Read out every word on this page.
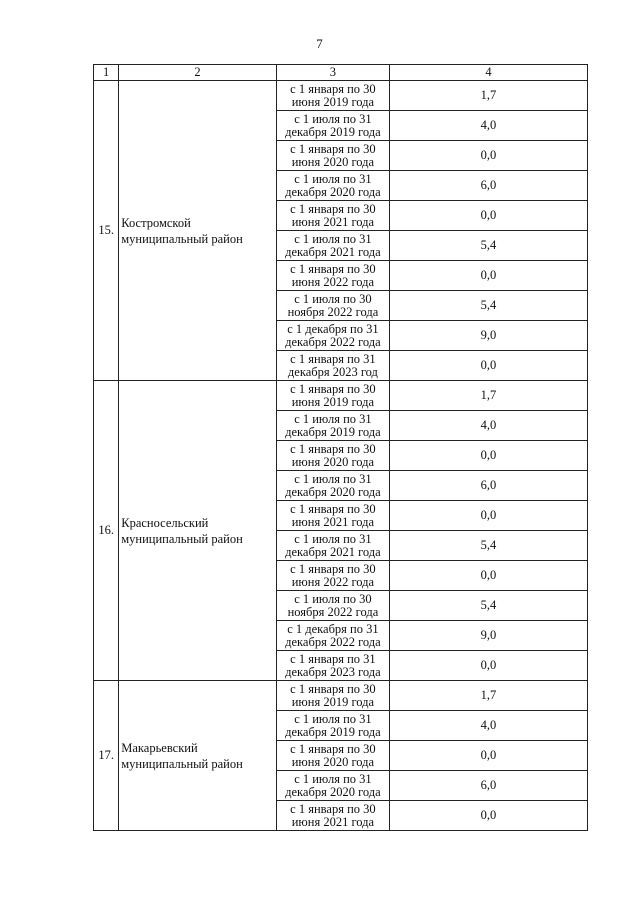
7
1	2	3	4
15.	Костромской
муниципальный район	с 1 января по 30
июня 2019 года	1,7

		с 1 июля по 31
декабря 2019 года	4,0

		с 1 января по 30
июня 2020 года	0,0

		с 1 июля по 31
декабря 2020 года	6,0

		с 1 января по 30
июня 2021 года	0,0

		с 1 июля по 31
декабря 2021 года	5,4

		с 1 января по 30
июня 2022 года	0,0

		с 1 июля по 30
ноября 2022 года	5,4

		с 1 декабря по 31
декабря 2022 года	9,0

		с 1 января по 31
декабря 2023 год	0,0
16.	Красносельский
муниципальный район	с 1 января по 30
июня 2019 года	1,7

		с 1 июля по 31
декабря 2019 года	4,0

		с 1 января по 30
июня 2020 года	0,0

		с 1 июля по 31
декабря 2020 года	6,0

		с 1 января по 30
июня 2021 года	0,0

		с 1 июля по 31
декабря 2021 года	5,4

		с 1 января по 30
июня 2022 года	0,0

		с 1 июля по 30
ноября 2022 года	5,4

		с 1 декабря по 31
декабря 2022 года	9,0

		с 1 января по 31
декабря 2023 года	0,0
17.	Макарьевский
муниципальный район	с 1 января по 30
июня 2019 года	1,7

		с 1 июля по 31
декабря 2019 года	4,0

		с 1 января по 30
июня 2020 года	0,0

		с 1 июля по 31
декабря 2020 года	6,0

		с 1 января по 30
июня 2021 года	0,0
